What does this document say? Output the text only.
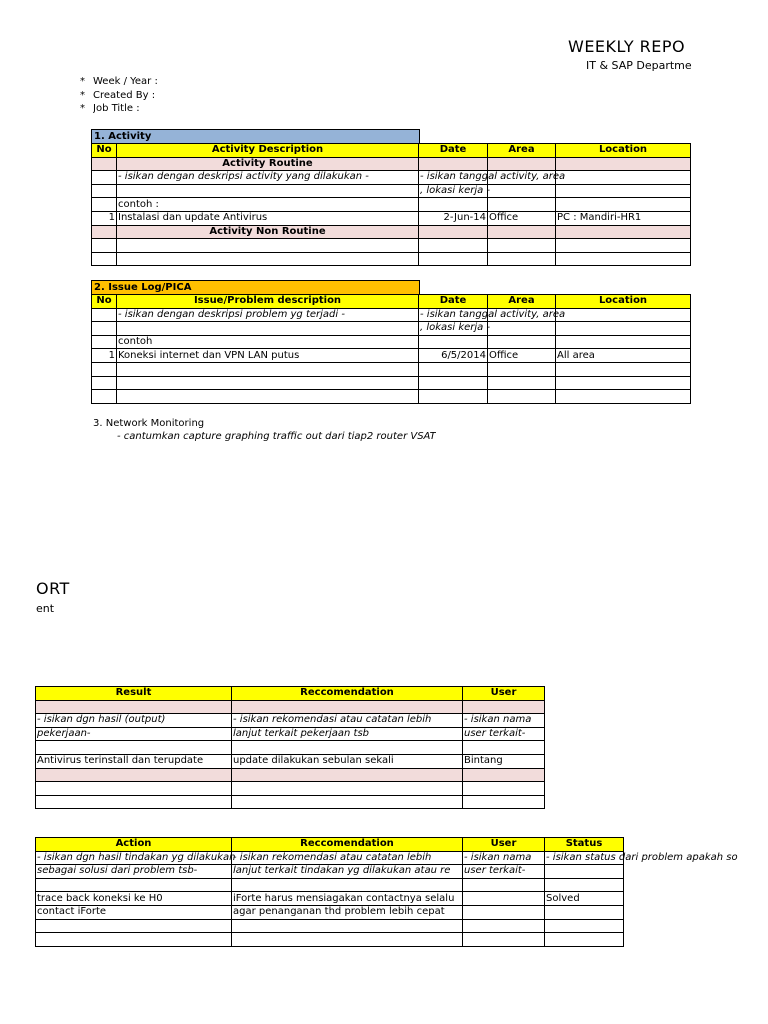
WEEKLY REPO
IT & SAP Departme
* Week / Year :
* Created By :
* Job Title :
1. Activity
No	Activity Description	Date	Area	Location
	Activity Routine			
	- isikan dengan deskripsi activity yang dilakukan -	- isikan tanggal activity, area		
		, lokasi kerja -		
	contoh :			
1	Instalasi dan update Antivirus	2-Jun-14	Office	PC : Mandiri-HR1
	Activity Non Routine			

2. Issue Log/PICA
No	Issue/Problem description	Date	Area	Location
	- isikan dengan deskripsi problem yg terjadi -	- isikan tanggal activity, area		
		, lokasi kerja -		
	contoh			
1	Koneksi internet dan VPN LAN putus	6/5/2014	Office	All area

3. Network Monitoring
- cantumkan capture graphing traffic out dari tiap2 router VSAT
ORT
ent
Result	Reccomendation	User

- isikan dgn hasil (output)	- isikan rekomendasi atau catatan lebih	- isikan nama
pekerjaan-	lanjut terkait pekerjaan tsb	user terkait-

Antivirus terinstall dan terupdate	update dilakukan sebulan sekali	Bintang

Action	Reccomendation	User	Status
- isikan dgn hasil tindakan yg dilakukan	- isikan rekomendasi atau catatan lebih	- isikan nama	- isikan status dari problem apakah so
sebagai solusi dari problem tsb-	lanjut terkait tindakan yg dilakukan atau re	user terkait-	

trace back koneksi ke H0	iForte harus mensiagakan contactnya selalu		Solved
contact iForte	agar penanganan thd problem lebih cepat		
